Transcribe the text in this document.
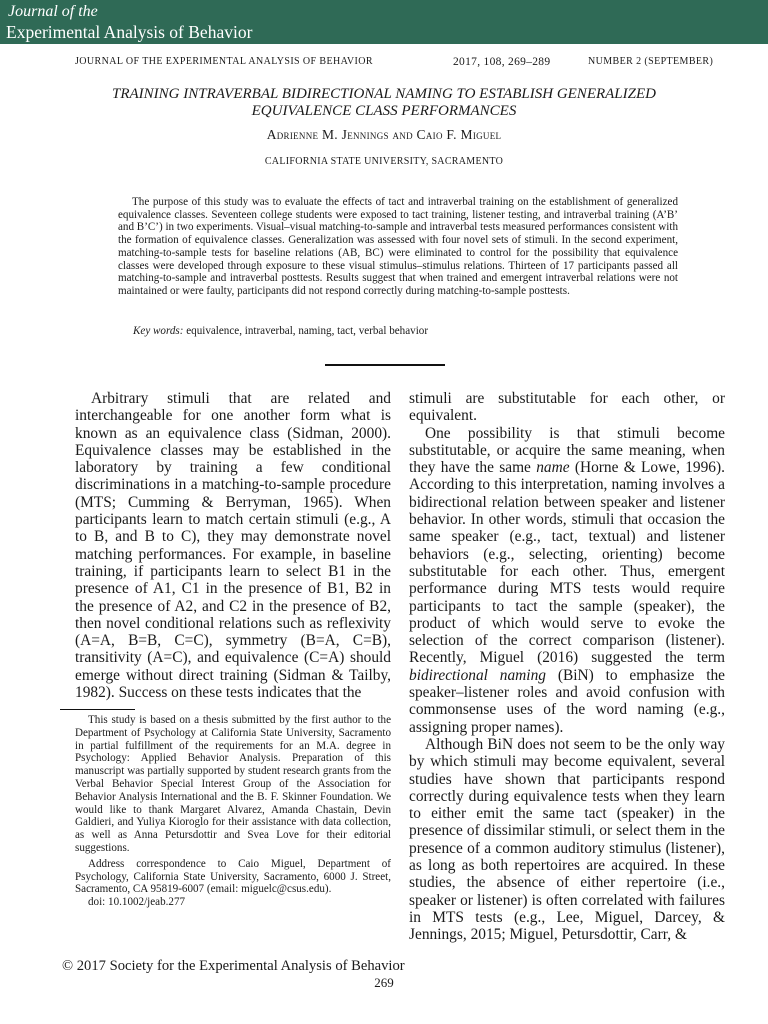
Journal of the
Experimental Analysis of Behavior
JOURNAL OF THE EXPERIMENTAL ANALYSIS OF BEHAVIOR	2017, 108, 269–289	NUMBER 2 (SEPTEMBER)
TRAINING INTRAVERBAL BIDIRECTIONAL NAMING TO ESTABLISH GENERALIZED EQUIVALENCE CLASS PERFORMANCES
Adrienne M. Jennings and Caio F. Miguel
CALIFORNIA STATE UNIVERSITY, SACRAMENTO
The purpose of this study was to evaluate the effects of tact and intraverbal training on the establishment of generalized equivalence classes. Seventeen college students were exposed to tact training, listener testing, and intraverbal training (A’B’ and B’C’) in two experiments. Visual–visual matching-to-sample and intraverbal tests measured performances consistent with the formation of equivalence classes. Generalization was assessed with four novel sets of stimuli. In the second experiment, matching-to-sample tests for baseline relations (AB, BC) were eliminated to control for the possibility that equivalence classes were developed through exposure to these visual stimulus–stimulus relations. Thirteen of 17 participants passed all matching-to-sample and intraverbal posttests. Results suggest that when trained and emergent intraverbal relations were not maintained or were faulty, participants did not respond correctly during matching-to-sample posttests.
Key words: equivalence, intraverbal, naming, tact, verbal behavior

Arbitrary stimuli that are related and interchangeable for one another form what is known as an equivalence class (Sidman, 2000). Equivalence classes may be established in the laboratory by training a few conditional discriminations in a matching-to-sample procedure (MTS; Cumming & Berryman, 1965). When participants learn to match certain stimuli (e.g., A to B, and B to C), they may demonstrate novel matching performances. For example, in baseline training, if participants learn to select B1 in the presence of A1, C1 in the presence of B1, B2 in the presence of A2, and C2 in the presence of B2, then novel conditional relations such as reflexivity (A=A, B=B, C=C), symmetry (B=A, C=B), transitivity (A=C), and equivalence (C=A) should emerge without direct training (Sidman & Tailby, 1982). Success on these tests indicates that the

stimuli are substitutable for each other, or equivalent.

One possibility is that stimuli become substitutable, or acquire the same meaning, when they have the same name (Horne & Lowe, 1996). According to this interpretation, naming involves a bidirectional relation between speaker and listener behavior. In other words, stimuli that occasion the same speaker (e.g., tact, textual) and listener behaviors (e.g., selecting, orienting) become substitutable for each other. Thus, emergent performance during MTS tests would require participants to tact the sample (speaker), the product of which would serve to evoke the selection of the correct comparison (listener). Recently, Miguel (2016) suggested the term bidirectional naming (BiN) to emphasize the speaker–listener roles and avoid confusion with commonsense uses of the word naming (e.g., assigning proper names).

Although BiN does not seem to be the only way by which stimuli may become equivalent, several studies have shown that participants respond correctly during equivalence tests when they learn to either emit the same tact (speaker) in the presence of dissimilar stimuli, or select them in the presence of a common auditory stimulus (listener), as long as both repertoires are acquired. In these studies, the absence of either repertoire (i.e., speaker or listener) is often correlated with failures in MTS tests (e.g., Lee, Miguel, Darcey, & Jennings, 2015; Miguel, Petursdottir, Carr, &

This study is based on a thesis submitted by the first author to the Department of Psychology at California State University, Sacramento in partial fulfillment of the requirements for an M.A. degree in Psychology: Applied Behavior Analysis. Preparation of this manuscript was partially supported by student research grants from the Verbal Behavior Special Interest Group of the Association for Behavior Analysis International and the B. F. Skinner Foundation. We would like to thank Margaret Alvarez, Amanda Chastain, Devin Galdieri, and Yuliya Kioroglo for their assistance with data collection, as well as Anna Petursdottir and Svea Love for their editorial suggestions.

Address correspondence to Caio Miguel, Department of Psychology, California State University, Sacramento, 6000 J. Street, Sacramento, CA 95819-6007 (email: miguelc@csus.edu).

doi: 10.1002/jeab.277

© 2017 Society for the Experimental Analysis of Behavior
269
